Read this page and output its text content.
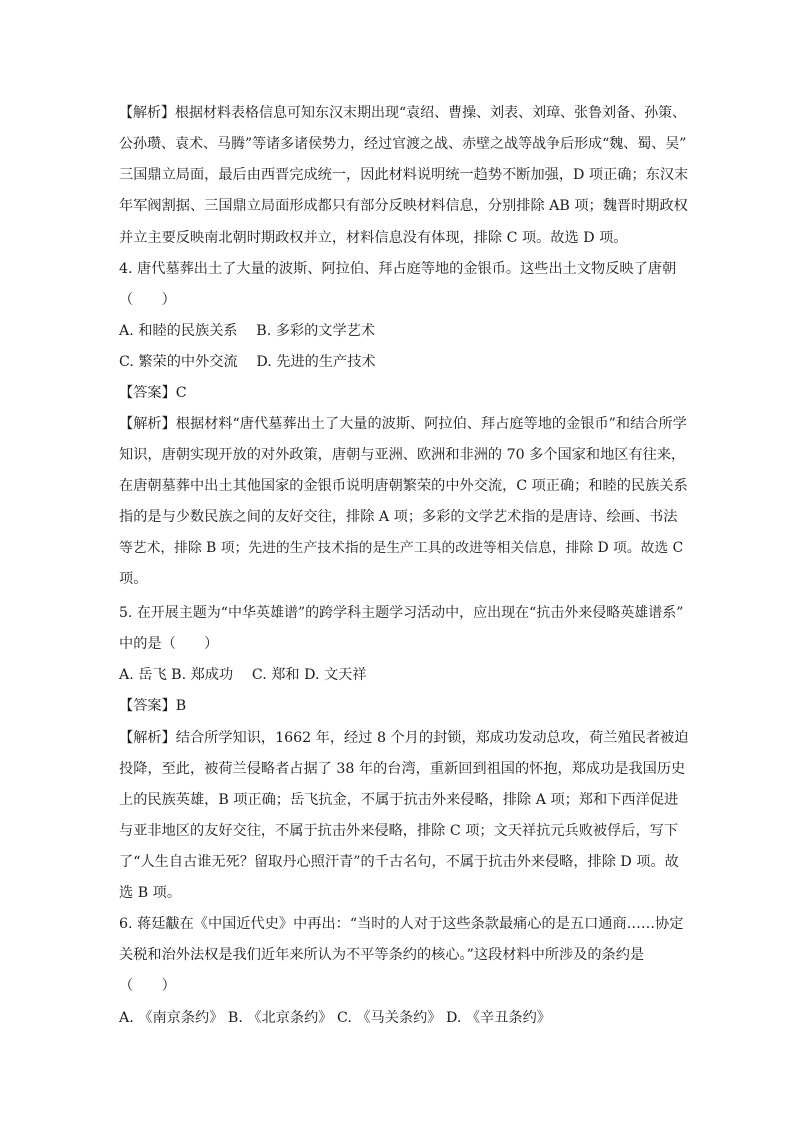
【解析】根据材料表格信息可知东汉末期出现“袁绍、曹操、刘表、刘璋、张鲁刘备、孙策、
公孙瓒、袁术、马腾”等诸多诸侯势力，经过官渡之战、赤壁之战等战争后形成“魏、蜀、吴”
三国鼎立局面，最后由西晋完成统一，因此材料说明统一趋势不断加强，D 项正确；东汉末
年军阀割据、三国鼎立局面形成都只有部分反映材料信息，分别排除 AB 项；魏晋时期政权
并立主要反映南北朝时期政权并立，材料信息没有体现，排除 C 项。故选 D 项。
4. 唐代墓葬出土了大量的波斯、阿拉伯、拜占庭等地的金银币。这些出土文物反映了唐朝
（　　）
A. 和睦的民族关系　 B. 多彩的文学艺术
C. 繁荣的中外交流　 D. 先进的生产技术
【答案】C
【解析】根据材料“唐代墓葬出土了大量的波斯、阿拉伯、拜占庭等地的金银币”和结合所学
知识，唐朝实现开放的对外政策，唐朝与亚洲、欧洲和非洲的 70 多个国家和地区有往来，
在唐朝墓葬中出土其他国家的金银币说明唐朝繁荣的中外交流，C 项正确；和睦的民族关系
指的是与少数民族之间的友好交往，排除 A 项；多彩的文学艺术指的是唐诗、绘画、书法
等艺术，排除 B 项；先进的生产技术指的是生产工具的改进等相关信息，排除 D 项。故选 C
项。
5. 在开展主题为“中华英雄谱”的跨学科主题学习活动中，应出现在“抗击外来侵略英雄谱系”
中的是（　　）
A. 岳飞 B. 郑成功　 C. 郑和 D. 文天祥
【答案】B
【解析】结合所学知识，1662 年，经过 8 个月的封锁，郑成功发动总攻，荷兰殖民者被迫
投降，至此，被荷兰侵略者占据了 38 年的台湾，重新回到祖国的怀抱，郑成功是我国历史
上的民族英雄，B 项正确；岳飞抗金，不属于抗击外来侵略，排除 A 项；郑和下西洋促进
与亚非地区的友好交往，不属于抗击外来侵略，排除 C 项；文天祥抗元兵败被俘后，写下
了“人生自古谁无死？留取丹心照汗青”的千古名句，不属于抗击外来侵略，排除 D 项。故
选 B 项。
6. 蒋廷黻在《中国近代史》中再出：“当时的人对于这些条款最痛心的是五口通商……协定
关税和治外法权是我们近年来所认为不平等条约的核心。”这段材料中所涉及的条约是
（　　）
A. 《南京条约》 B. 《北京条约》 C. 《马关条约》 D. 《辛丑条约》
